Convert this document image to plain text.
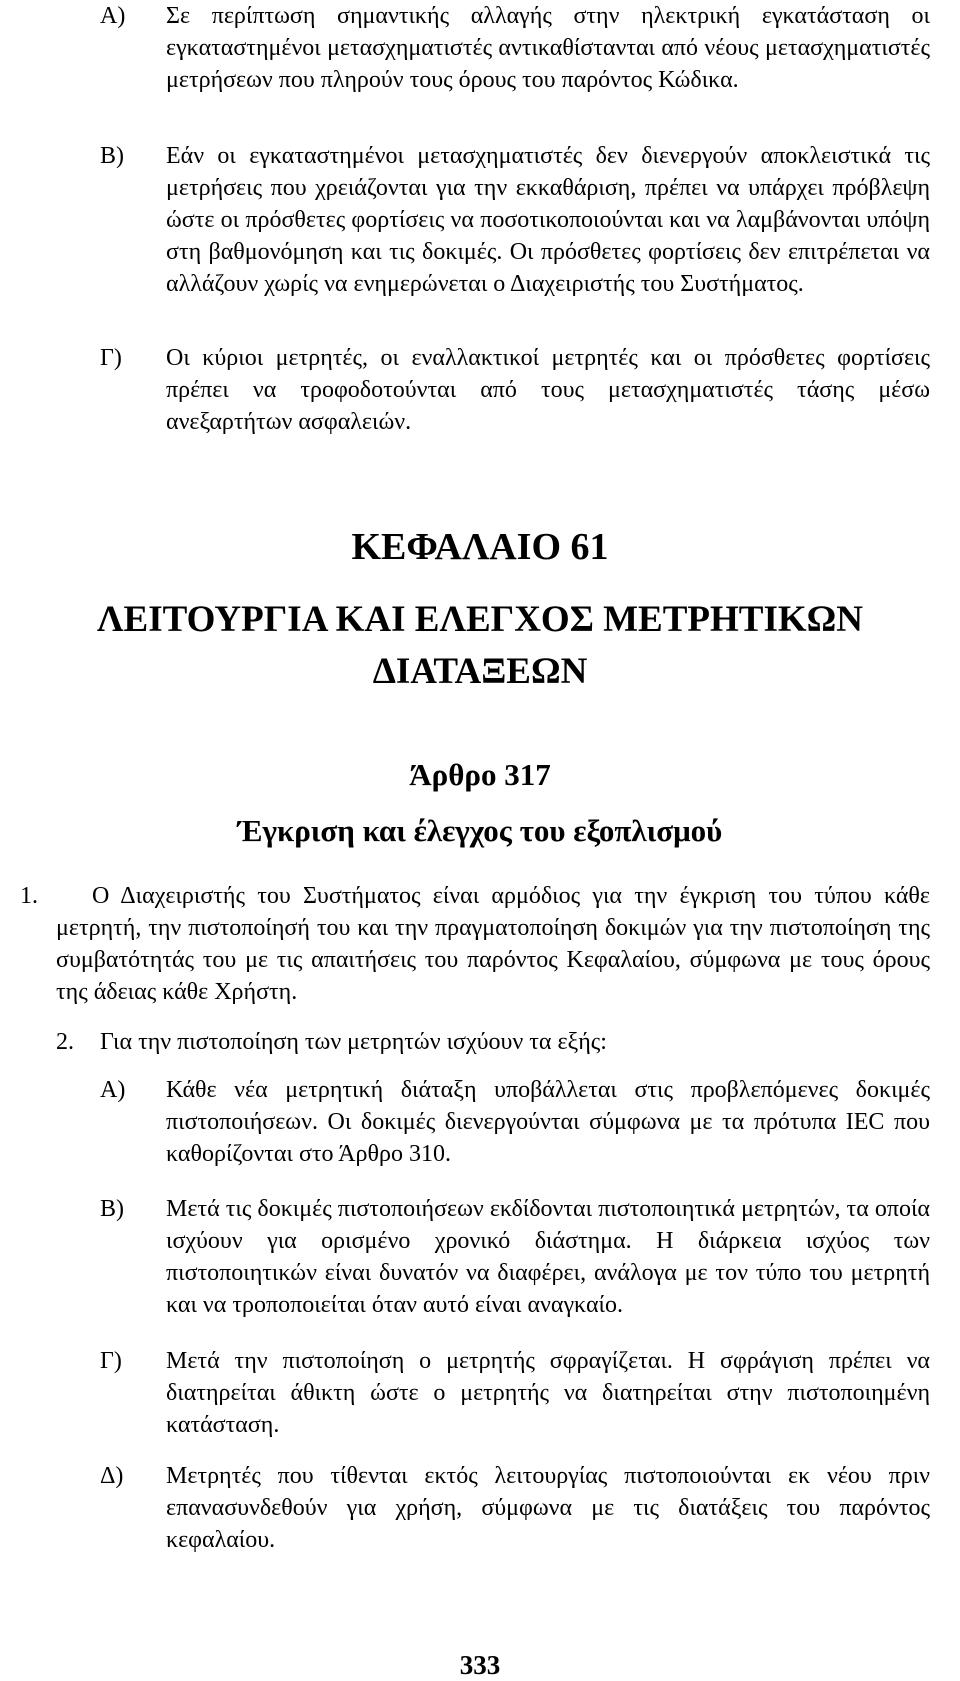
Α) Σε περίπτωση σημαντικής αλλαγής στην ηλεκτρική εγκατάσταση οι εγκαταστημένοι μετασχηματιστές αντικαθίστανται από νέους μετασχηματιστές μετρήσεων που πληρούν τους όρους του παρόντος Κώδικα.
Β) Εάν οι εγκαταστημένοι μετασχηματιστές δεν διενεργούν αποκλειστικά τις μετρήσεις που χρειάζονται για την εκκαθάριση, πρέπει να υπάρχει πρόβλεψη ώστε οι πρόσθετες φορτίσεις να ποσοτικοποιούνται και να λαμβάνονται υπόψη στη βαθμονόμηση και τις δοκιμές. Οι πρόσθετες φορτίσεις δεν επιτρέπεται να αλλάζουν χωρίς να ενημερώνεται ο Διαχειριστής του Συστήματος.
Γ) Οι κύριοι μετρητές, οι εναλλακτικοί μετρητές και οι πρόσθετες φορτίσεις πρέπει να τροφοδοτούνται από τους μετασχηματιστές τάσης μέσω ανεξαρτήτων ασφαλειών.
ΚΕΦΑΛΑΙΟ 61
ΛΕΙΤΟΥΡΓΙΑ ΚΑΙ ΕΛΕΓΧΟΣ ΜΕΤΡΗΤΙΚΩΝ
ΔΙΑΤΑΞΕΩΝ
Άρθρο 317
Έγκριση και έλεγχος του εξοπλισμού
1. Ο Διαχειριστής του Συστήματος είναι αρμόδιος για την έγκριση του τύπου κάθε μετρητή, την πιστοποίησή του και την πραγματοποίηση δοκιμών για την πιστοποίηση της συμβατότητάς του με τις απαιτήσεις του παρόντος Κεφαλαίου, σύμφωνα με τους όρους της άδειας κάθε Χρήστη.
2. Για την πιστοποίηση των μετρητών ισχύουν τα εξής:
Α) Κάθε νέα μετρητική διάταξη υποβάλλεται στις προβλεπόμενες δοκιμές πιστοποιήσεων. Οι δοκιμές διενεργούνται σύμφωνα με τα πρότυπα IEC που καθορίζονται στο Άρθρο 310.
Β) Μετά τις δοκιμές πιστοποιήσεων εκδίδονται πιστοποιητικά μετρητών, τα οποία ισχύουν για ορισμένο χρονικό διάστημα. Η διάρκεια ισχύος των πιστοποιητικών είναι δυνατόν να διαφέρει, ανάλογα με τον τύπο του μετρητή και να τροποποιείται όταν αυτό είναι αναγκαίο.
Γ) Μετά την πιστοποίηση ο μετρητής σφραγίζεται. Η σφράγιση πρέπει να διατηρείται άθικτη ώστε ο μετρητής να διατηρείται στην πιστοποιημένη κατάσταση.
Δ) Μετρητές που τίθενται εκτός λειτουργίας πιστοποιούνται εκ νέου πριν επανασυνδεθούν για χρήση, σύμφωνα με τις διατάξεις του παρόντος κεφαλαίου.
333
